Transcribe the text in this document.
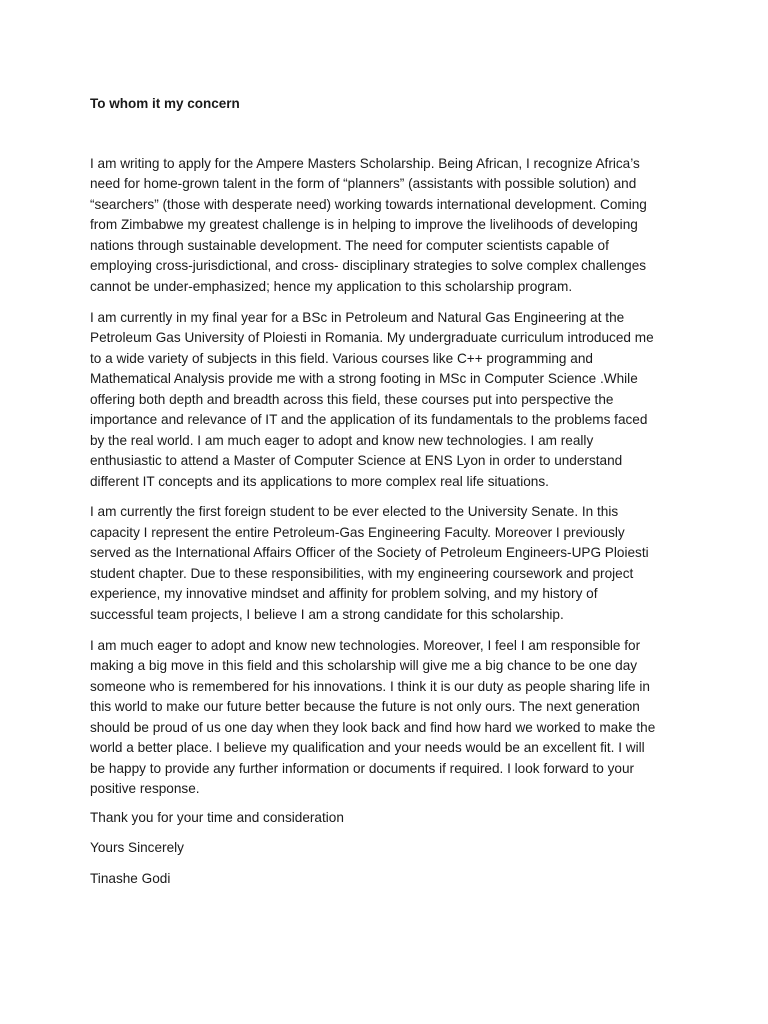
To whom it my concern

I am writing to apply for the Ampere Masters Scholarship. Being African, I recognize Africa’s

need for home-grown talent in the form of “planners” (assistants with possible solution) and

“searchers” (those with desperate need) working towards international development. Coming

from Zimbabwe my greatest challenge is in helping to improve the livelihoods of developing

nations through sustainable development. The need for computer scientists capable of

employing cross-jurisdictional, and cross- disciplinary strategies to solve complex challenges

cannot be under-emphasized; hence my application to this scholarship program.

I am currently in my final year for a BSc in Petroleum and Natural Gas Engineering at the

Petroleum Gas University of Ploiesti in Romania. My undergraduate curriculum introduced me

to a wide variety of subjects in this field. Various courses like C++ programming and

Mathematical Analysis provide me with a strong footing in MSc in Computer Science .While

offering both depth and breadth across this field, these courses put into perspective the

importance and relevance of IT and the application of its fundamentals to the problems faced

by the real world. I am much eager to adopt and know new technologies. I am really

enthusiastic to attend a Master of Computer Science at ENS Lyon in order to understand

different IT concepts and its applications to more complex real life situations.

I am currently the first foreign student to be ever elected to the University Senate. In this

capacity I represent the entire Petroleum-Gas Engineering Faculty. Moreover I previously

served as the International Affairs Officer of the Society of Petroleum Engineers-UPG Ploiesti

student chapter. Due to these responsibilities, with my engineering coursework and project

experience, my innovative mindset and affinity for problem solving, and my history of

successful team projects, I believe I am a strong candidate for this scholarship.

I am much eager to adopt and know new technologies. Moreover, I feel I am responsible for

making a big move in this field and this scholarship will give me a big chance to be one day

someone who is remembered for his innovations. I think it is our duty as people sharing life in

this world to make our future better because the future is not only ours. The next generation

should be proud of us one day when they look back and find how hard we worked to make the

world a better place. I believe my qualification and your needs would be an excellent fit. I will

be happy to provide any further information or documents if required. I look forward to your

positive response.

Thank you for your time and consideration

Yours Sincerely

Tinashe Godi
